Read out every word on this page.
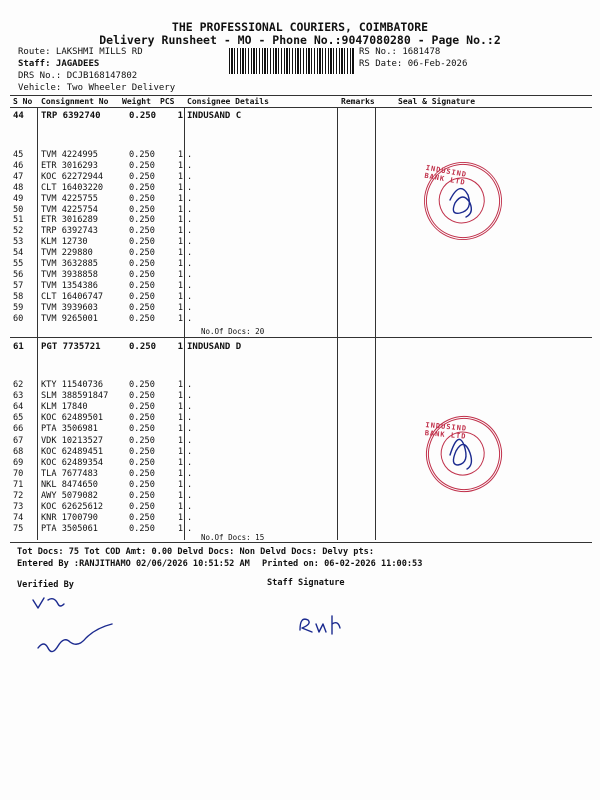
THE PROFESSIONAL COURIERS, COIMBATORE
Delivery Runsheet - MO - Phone No.:9047080280 - Page No.:2
Route: LAKSHMI MILLS RD
Staff: JAGADEES
DRS No.: DCJB168147802
Vehicle: Two Wheeler Delivery
RS No.: 1681478
RS Date: 06-Feb-2026
S No Consignment No Weight PCS Consignee Details	Remarks	Seal & Signature
44 TRP 6392740	0.250 1 INDUSAND C
45 TVM 4224995	0.250	1 .
46 ETR 3016293	0.250	1 .
47 KOC 62272944	0.250	1 .
48 CLT 16403220	0.250	1 .
49 TVM 4225755	0.250	1 .
50 TVM 4225754	0.250	1 .
51 ETR 3016289	0.250	1 .
52 TRP 6392743	0.250	1 .
53 KLM 12730	0.250	1 .
54 TVM 229880	0.250	1 .
55 TVM 3632885	0.250	1 .
56 TVM 3938858	0.250	1 .
57 TVM 1354386	0.250	1 .
58 CLT 16406747	0.250	1 .
59 TVM 3939603	0.250	1 .
60 TVM 9265001	0.250	1 .
No.Of Docs: 20
61 PGT 7735721	0.250 1 INDUSAND D
62 KTY 11540736	0.250	1 .
63 SLM 388591847 0.250	1 .
64 KLM 17840	0.250	1 .
65 KOC 62489501	0.250	1 .
66 PTA 3506981	0.250	1 .
67 VDK 10213527	0.250	1 .
68 KOC 62489451	0.250	1 .
69 KOC 62489354	0.250	1 .
70 TLA 7677483	0.250	1 .
71 NKL 8474650	0.250	1 .
72 AWY 5079082	0.250	1 .
73 KOC 62625612	0.250	1 .
74 KNR 1700790	0.250	1 .
75 PTA 3505061	0.250	1 .
No.Of Docs: 15
Tot Docs: 75 Tot COD Amt: 0.00 Delvd Docs: Non Delvd Docs: Delvy pts:
Entered By :RANJITHAMO 02/06/2026 10:51:52 AM Printed on: 06-02-2026 11:00:53
Verified By	Staff Signature
INDUSIND BANK LTD
INDUSIND BANK LTD
